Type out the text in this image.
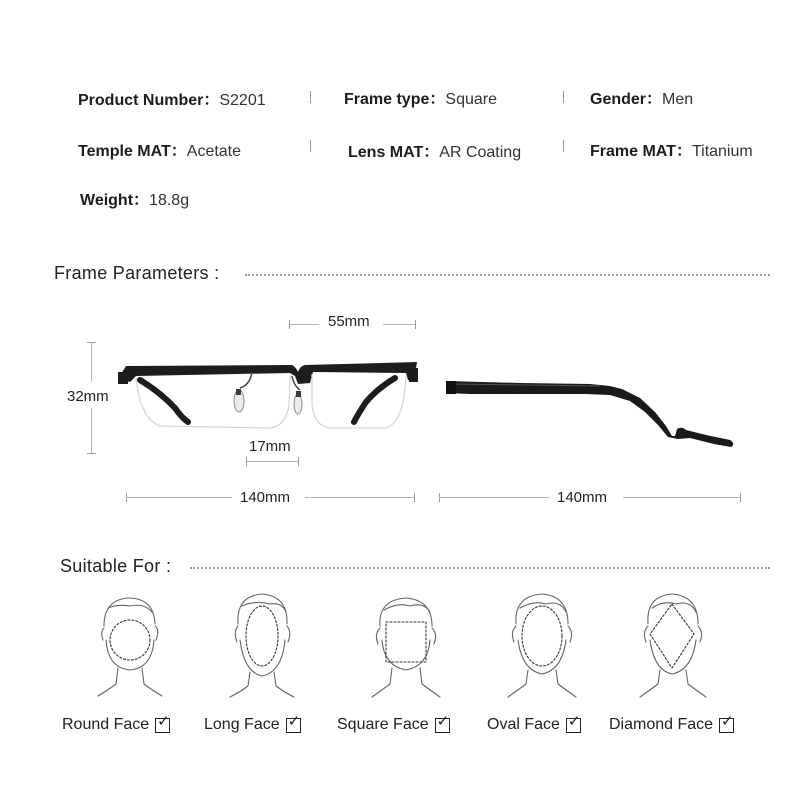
Product Number：S2201	Frame type：Square	Gender：Men
Temple MAT：Acetate	Lens MAT：AR Coating	Frame MAT：Titanium
Weight：18.8g
Frame Parameters :
55mm
32mm
17mm
140mm	140mm
Suitable For :
Round Face ✓ Long Face ✓ Square Face ✓ Oval Face ✓ Diamond Face ✓
